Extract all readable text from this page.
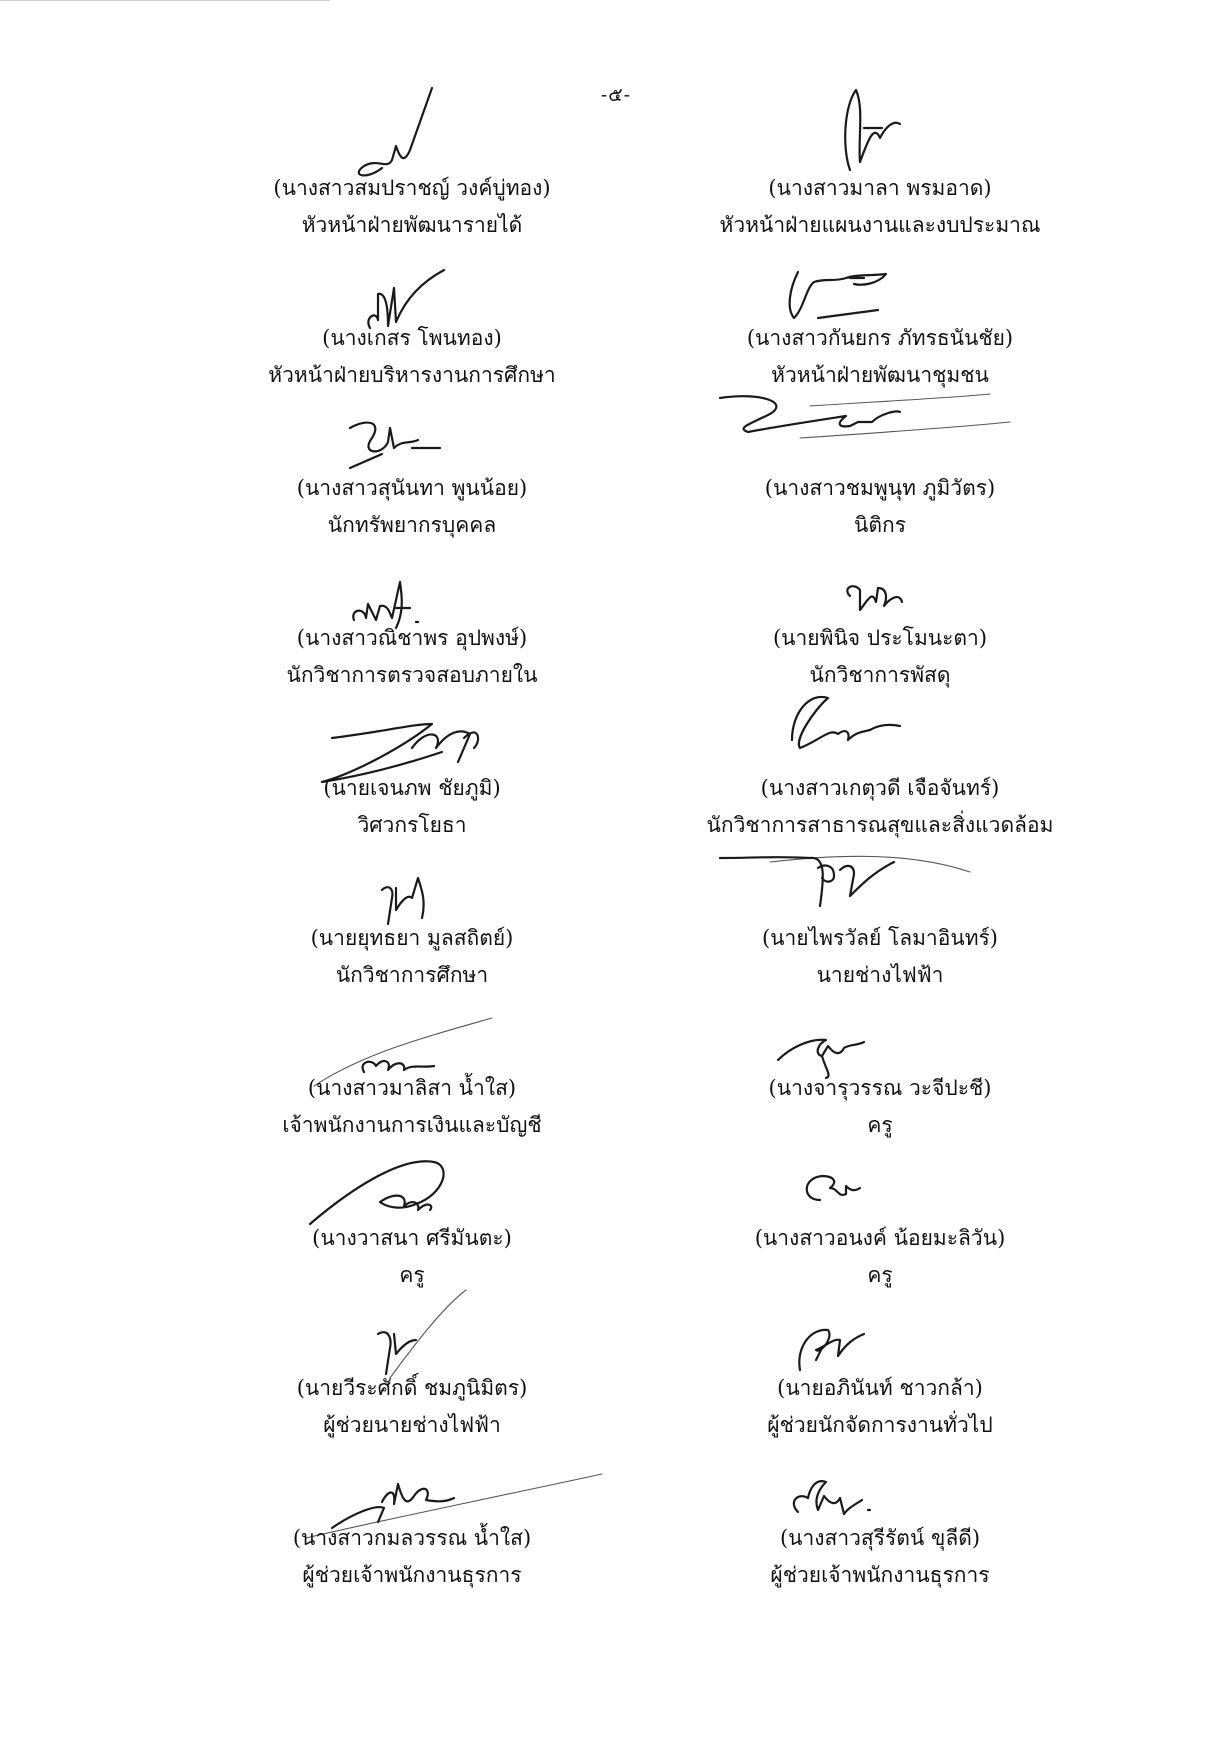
-๕-
(นางสาวสมปราชญ์ วงค์บู่ทอง)
หัวหน้าฝ่ายพัฒนารายได้
(นางเกสร โพนทอง)
หัวหน้าฝ่ายบริหารงานการศึกษา
(นางสาวสุนันทา พูนน้อย)
นักทรัพยากรบุคคล
(นางสาวณิชาพร อุปพงษ์)
นักวิชาการตรวจสอบภายใน
(นายเจนภพ ชัยภูมิ)
วิศวกรโยธา
(นายยุทธยา มูลสถิตย์)
นักวิชาการศึกษา
(นางสาวมาลิสา น้ำใส)
เจ้าพนักงานการเงินและบัญชี
(นางวาสนา ศรีมันตะ)
ครู
(นายวีระศักดิ์ ชมภูนิมิตร)
ผู้ช่วยนายช่างไฟฟ้า
(นางสาวกมลวรรณ น้ำใส)
ผู้ช่วยเจ้าพนักงานธุรการ
(นางสาวมาลา พรมอาด)
หัวหน้าฝ่ายแผนงานและงบประมาณ
(นางสาวกันยกร ภัทรธนันชัย)
หัวหน้าฝ่ายพัฒนาชุมชน
(นางสาวชมพูนุท ภูมิวัตร)
นิติกร
(นายพินิจ ประโมนะตา)
นักวิชาการพัสดุ
(นางสาวเกตุวดี เจือจันทร์)
นักวิชาการสาธารณสุขและสิ่งแวดล้อม
(นายไพรวัลย์ โลมาอินทร์)
นายช่างไฟฟ้า
(นางจารุวรรณ วะจีปะชี)
ครู
(นางสาวอนงค์ น้อยมะลิวัน)
ครู
(นายอภินันท์ ชาวกล้า)
ผู้ช่วยนักจัดการงานทั่วไป
(นางสาวสุรีรัตน์ ขุลีดี)
ผู้ช่วยเจ้าพนักงานธุรการ
